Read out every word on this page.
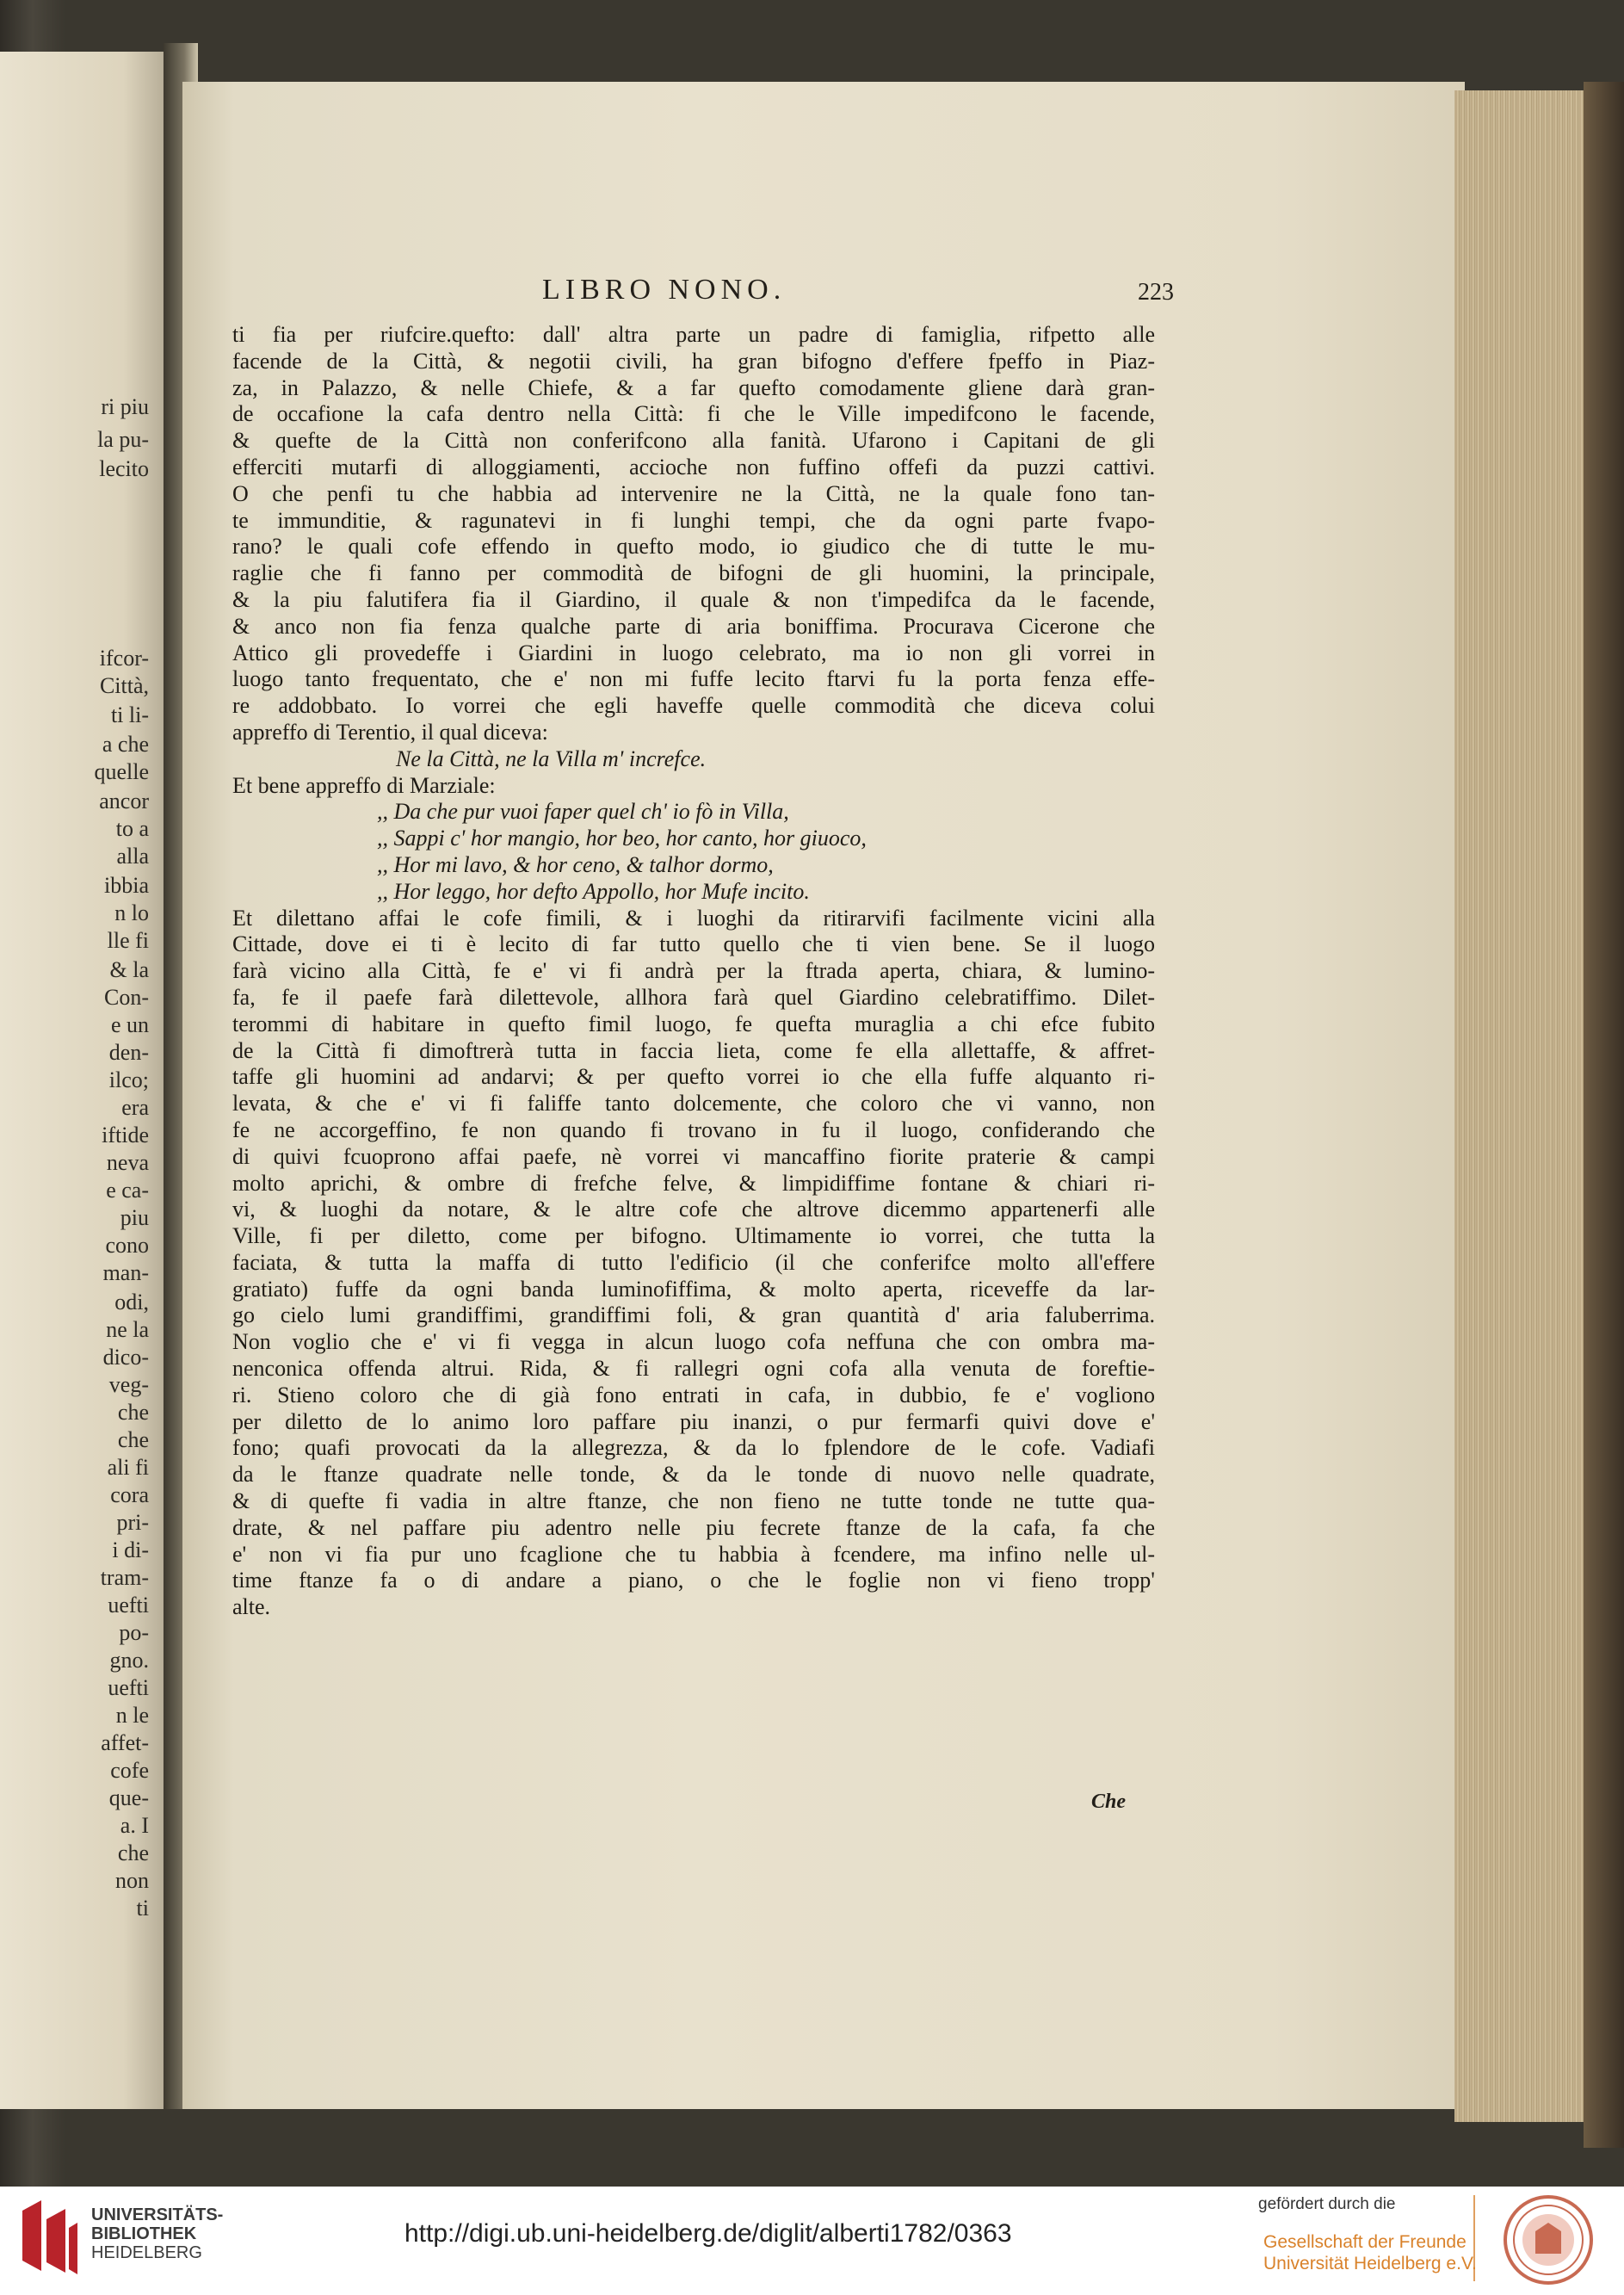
ri piu
la pu-
lecito
ifcor-
Città,
ti li-
a che
quelle
ancor
to a
alla
ibbia
n lo
lle fi
& la
Con-
e un
den-
ilco;
era
iftide
neva
e ca-
piu
cono
man-
odi,
ne la
dico-
veg-
che
che
ali fi
cora
pri-
i di-
tram-
uefti
po-
gno.
uefti
n le
affet-
cofe
que-
a. I
che
non
ti
LIBRO NONO.	223
ti fia per riufcire.quefto: dall' altra parte un padre di famiglia, rifpetto alle
facende de la Città, & negotii civili, ha gran bifogno d'effere fpeffo in Piaz-
za, in Palazzo, & nelle Chiefe, & a far quefto comodamente gliene darà gran-
de occafione la cafa dentro nella Città: fi che le Ville impedifcono le facende,
& quefte de la Città non conferifcono alla fanità. Ufarono i Capitani de gli
efferciti mutarfi di alloggiamenti, accioche non fuffino offefi da puzzi cattivi.
O che penfi tu che habbia ad intervenire ne la Città, ne la quale fono tan-
te immunditie, & ragunatevi in fi lunghi tempi, che da ogni parte fvapo-
rano? le quali cofe effendo in quefto modo, io giudico che di tutte le mu-
raglie che fi fanno per commodità de bifogni de gli huomini, la principale,
& la piu falutifera fia il Giardino, il quale & non t'impedifca da le facende,
& anco non fia fenza qualche parte di aria boniffima. Procurava Cicerone che
Attico gli provedeffe i Giardini in luogo celebrato, ma io non gli vorrei in
luogo tanto frequentato, che e' non mi fuffe lecito ftarvi fu la porta fenza effe-
re addobbato. Io vorrei che egli haveffe quelle commodità che diceva colui
appreffo di Terentio, il qual diceva:
Ne la Città, ne la Villa m' increfce.
Et bene appreffo di Marziale:
,, Da che pur vuoi faper quel ch' io fò in Villa,
,, Sappi c' hor mangio, hor beo, hor canto, hor giuoco,
,, Hor mi lavo, & hor ceno, & talhor dormo,
,, Hor leggo, hor defto Appollo, hor Mufe incito.
Et dilettano affai le cofe fimili, & i luoghi da ritirarvifi facilmente vicini alla
Cittade, dove ei ti è lecito di far tutto quello che ti vien bene. Se il luogo
farà vicino alla Città, fe e' vi fi andrà per la ftrada aperta, chiara, & lumino-
fa, fe il paefe farà dilettevole, allhora farà quel Giardino celebratiffimo. Dilet-
terommi di habitare in quefto fimil luogo, fe quefta muraglia a chi efce fubito
de la Città fi dimoftrerà tutta in faccia lieta, come fe ella allettaffe, & affret-
taffe gli huomini ad andarvi; & per quefto vorrei io che ella fuffe alquanto ri-
levata, & che e' vi fi faliffe tanto dolcemente, che coloro che vi vanno, non
fe ne accorgeffino, fe non quando fi trovano in fu il luogo, confiderando che
di quivi fcuoprono affai paefe, nè vorrei vi mancaffino fiorite praterie & campi
molto aprichi, & ombre di frefche felve, & limpidiffime fontane & chiari ri-
vi, & luoghi da notare, & le altre cofe che altrove dicemmo appartenerfi alle
Ville, fi per diletto, come per bifogno. Ultimamente io vorrei, che tutta la
faciata, & tutta la maffa di tutto l'edificio (il che conferifce molto all'effere
gratiato) fuffe da ogni banda luminofiffima, & molto aperta, riceveffe da lar-
go cielo lumi grandiffimi, grandiffimi foli, & gran quantità d' aria faluberrima.
Non voglio che e' vi fi vegga in alcun luogo cofa neffuna che con ombra ma-
nenconica offenda altrui. Rida, & fi rallegri ogni cofa alla venuta de foreftie-
ri. Stieno coloro che di già fono entrati in cafa, in dubbio, fe e' vogliono
per diletto de lo animo loro paffare piu inanzi, o pur fermarfi quivi dove e'
fono; quafi provocati da la allegrezza, & da lo fplendore de le cofe. Vadiafi
da le ftanze quadrate nelle tonde, & da le tonde di nuovo nelle quadrate,
& di quefte fi vadia in altre ftanze, che non fieno ne tutte tonde ne tutte qua-
drate, & nel paffare piu adentro nelle piu fecrete ftanze de la cafa, fa che
e' non vi fia pur uno fcaglione che tu habbia à fcendere, ma infino nelle ul-
time ftanze fa o di andare a piano, o che le foglie non vi fieno tropp'
alte.
Che
UNIVERSITÄTS-
BIBLIOTHEK
HEIDELBERG
http://digi.ub.uni-heidelberg.de/diglit/alberti1782/0363
gefördert durch die
Gesellschaft der Freunde
Universität Heidelberg e.V.
